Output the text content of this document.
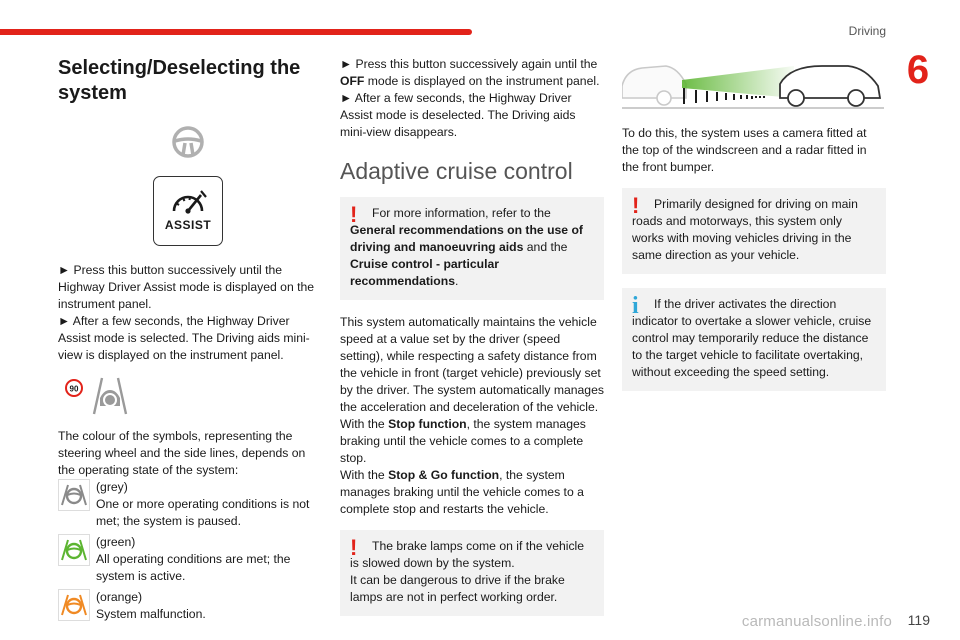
Driving
6
Selecting/Deselecting the system
ASSIST

► Press this button successively until the Highway Driver Assist mode is displayed on the instrument panel.

► After a few seconds, the Highway Driver Assist mode is selected. The Driving aids mini-view is displayed on the instrument panel.

90

The colour of the symbols, representing the steering wheel and the side lines, depends on the operating state of the system:

(grey)
One or more operating conditions is not met; the system is paused.
(green)
All operating conditions are met; the system is active.
(orange)
System malfunction.

► Press this button successively again until the OFF mode is displayed on the instrument panel.

► After a few seconds, the Highway Driver Assist mode is deselected. The Driving aids mini-view disappears.

Adaptive cruise control
!	For more information, refer to the General recommendations on the use of driving and manoeuvring aids and the Cruise control - particular recommendations.

This system automatically maintains the vehicle speed at a value set by the driver (speed setting), while respecting a safety distance from the vehicle in front (target vehicle) previously set by the driver. The system automatically manages the acceleration and deceleration of the vehicle.

With the Stop function, the system manages braking until the vehicle comes to a complete stop.

With the Stop & Go function, the system manages braking until the vehicle comes to a complete stop and restarts the vehicle.

!	The brake lamps come on if the vehicle is slowed down by the system.
It can be dangerous to drive if the brake lamps are not in perfect working order.

To do this, the system uses a camera fitted at the top of the windscreen and a radar fitted in the front bumper.

!	Primarily designed for driving on main roads and motorways, this system only works with moving vehicles driving in the same direction as your vehicle.
i	If the driver activates the direction indicator to overtake a slower vehicle, cruise control may temporarily reduce the distance to the target vehicle to facilitate overtaking, without exceeding the speed setting.
carmanualsonline.info 119
